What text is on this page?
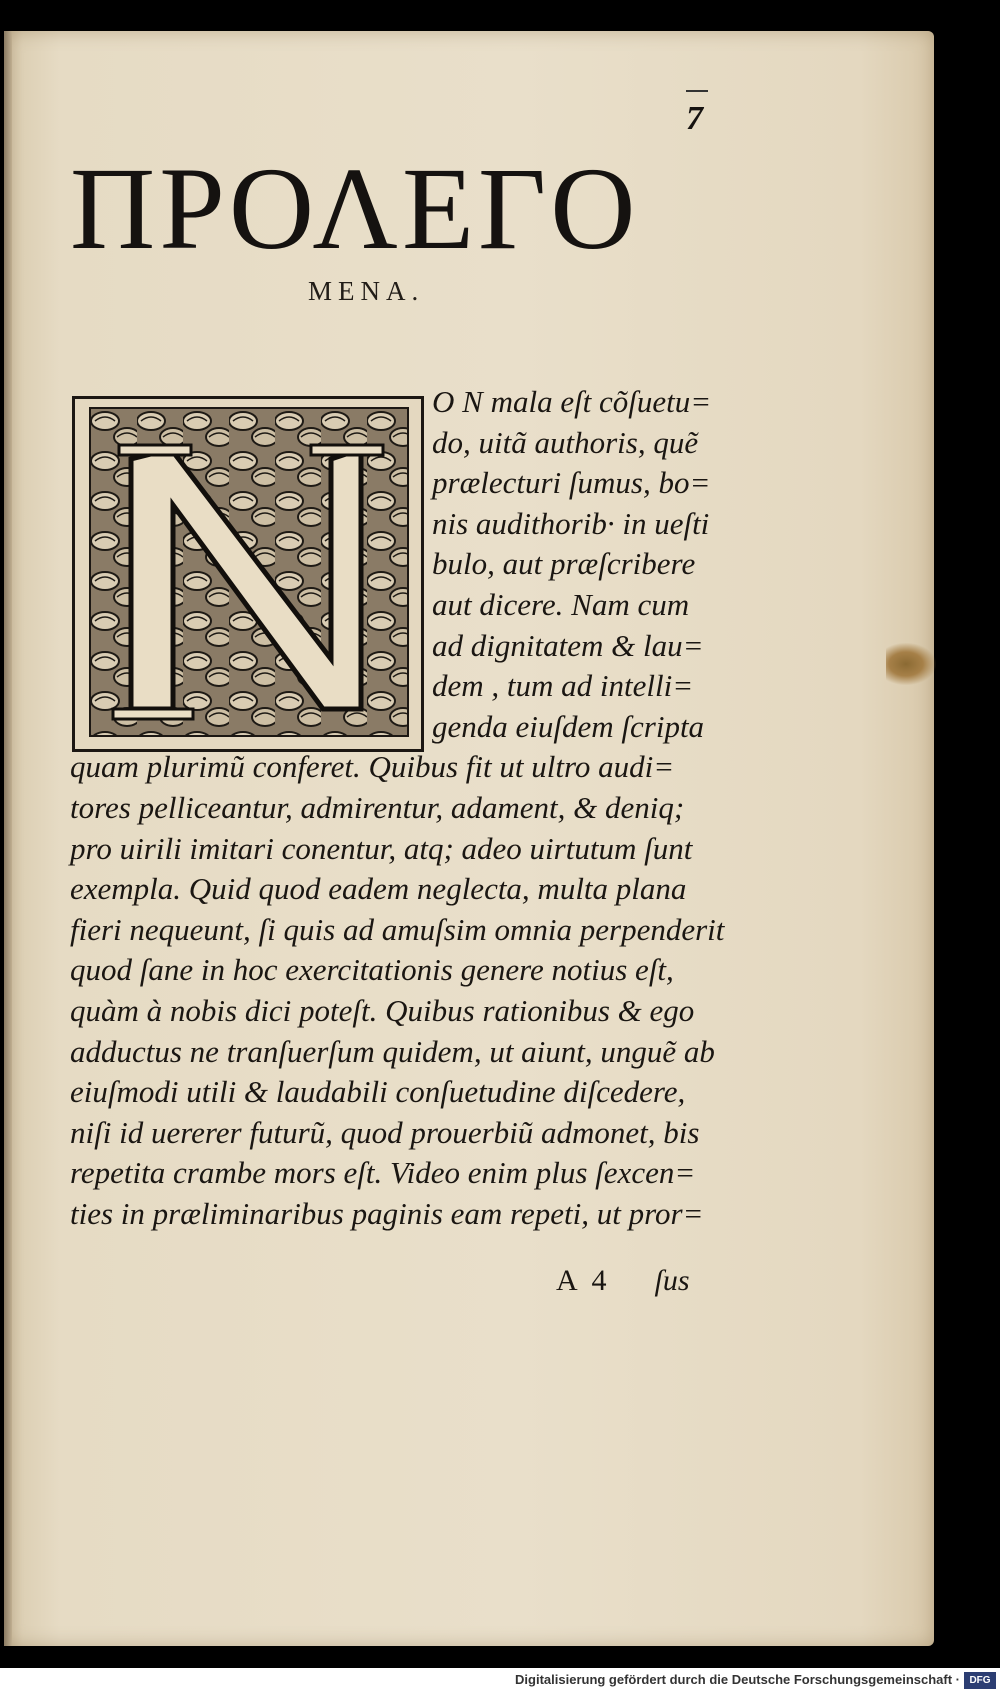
7
ΠΡΟΛΕΓΟ
MENA.
O N mala eſt cõſuetu=
do, uitã authoris, quẽ
prælecturi ſumus, bo=
nis audithorib· in ueſti
bulo, aut præſcribere
aut dicere. Nam cum
ad dignitatem & lau=
dem , tum ad intelli=
genda eiuſdem ſcripta
quam plurimũ conferet. Quibus fit ut ultro audi=
tores pelliceantur, admirentur, adament, & deniq;
pro uirili imitari conentur, atq; adeo uirtutum ſunt
exempla. Quid quod eadem neglecta, multa plana
fieri nequeunt, ſi quis ad amuſsim omnia perpenderit
quod ſane in hoc exercitationis genere notius eſt,
quàm à nobis dici poteſt. Quibus rationibus & ego
adductus ne tranſuerſum quidem, ut aiunt, unguẽ ab
eiuſmodi utili & laudabili conſuetudine diſcedere,
niſi id uererer futurũ, quod prouerbiũ admonet, bis
repetita crambe mors eſt. Video enim plus ſexcen=
ties in præliminaribus paginis eam repeti, ut pror=
A 4 ſus
Digitalisierung gefördert durch die Deutsche Forschungsgemeinschaft · DFG
